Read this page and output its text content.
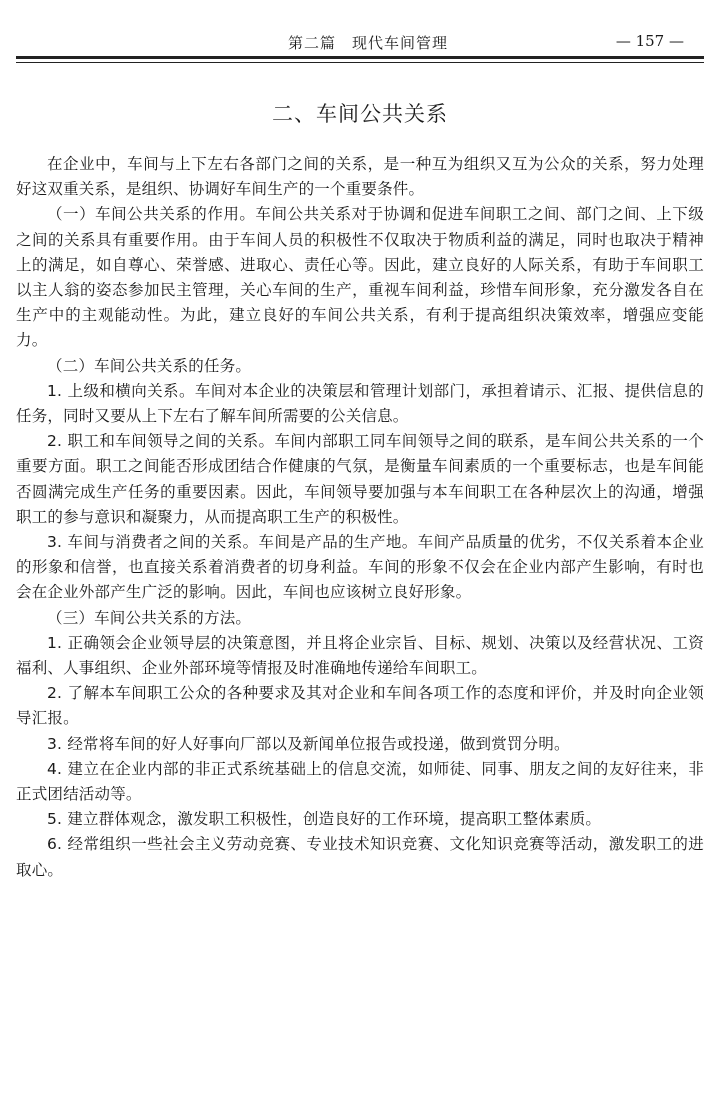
第二篇　现代车间管理	— 157 —
二、车间公共关系

在企业中，车间与上下左右各部门之间的关系，是一种互为组织又互为公众的关系，努力处理好这双重关系，是组织、协调好车间生产的一个重要条件。

（一）车间公共关系的作用。车间公共关系对于协调和促进车间职工之间、部门之间、上下级之间的关系具有重要作用。由于车间人员的积极性不仅取决于物质利益的满足，同时也取决于精神上的满足，如自尊心、荣誉感、进取心、责任心等。因此，建立良好的人际关系，有助于车间职工以主人翁的姿态参加民主管理，关心车间的生产，重视车间利益，珍惜车间形象，充分激发各自在生产中的主观能动性。为此，建立良好的车间公共关系，有利于提高组织决策效率，增强应变能力。

（二）车间公共关系的任务。

1. 上级和横向关系。车间对本企业的决策层和管理计划部门，承担着请示、汇报、提供信息的任务，同时又要从上下左右了解车间所需要的公关信息。

2. 职工和车间领导之间的关系。车间内部职工同车间领导之间的联系，是车间公共关系的一个重要方面。职工之间能否形成团结合作健康的气氛，是衡量车间素质的一个重要标志，也是车间能否圆满完成生产任务的重要因素。因此，车间领导要加强与本车间职工在各种层次上的沟通，增强职工的参与意识和凝聚力，从而提高职工生产的积极性。

3. 车间与消费者之间的关系。车间是产品的生产地。车间产品质量的优劣，不仅关系着本企业的形象和信誉，也直接关系着消费者的切身利益。车间的形象不仅会在企业内部产生影响，有时也会在企业外部产生广泛的影响。因此，车间也应该树立良好形象。

（三）车间公共关系的方法。

1. 正确领会企业领导层的决策意图，并且将企业宗旨、目标、规划、决策以及经营状况、工资福利、人事组织、企业外部环境等情报及时准确地传递给车间职工。

2. 了解本车间职工公众的各种要求及其对企业和车间各项工作的态度和评价，并及时向企业领导汇报。

3. 经常将车间的好人好事向厂部以及新闻单位报告或投递，做到赏罚分明。

4. 建立在企业内部的非正式系统基础上的信息交流，如师徒、同事、朋友之间的友好往来，非正式团结活动等。

5. 建立群体观念，激发职工积极性，创造良好的工作环境，提高职工整体素质。

6. 经常组织一些社会主义劳动竞赛、专业技术知识竞赛、文化知识竞赛等活动，激发职工的进取心。
